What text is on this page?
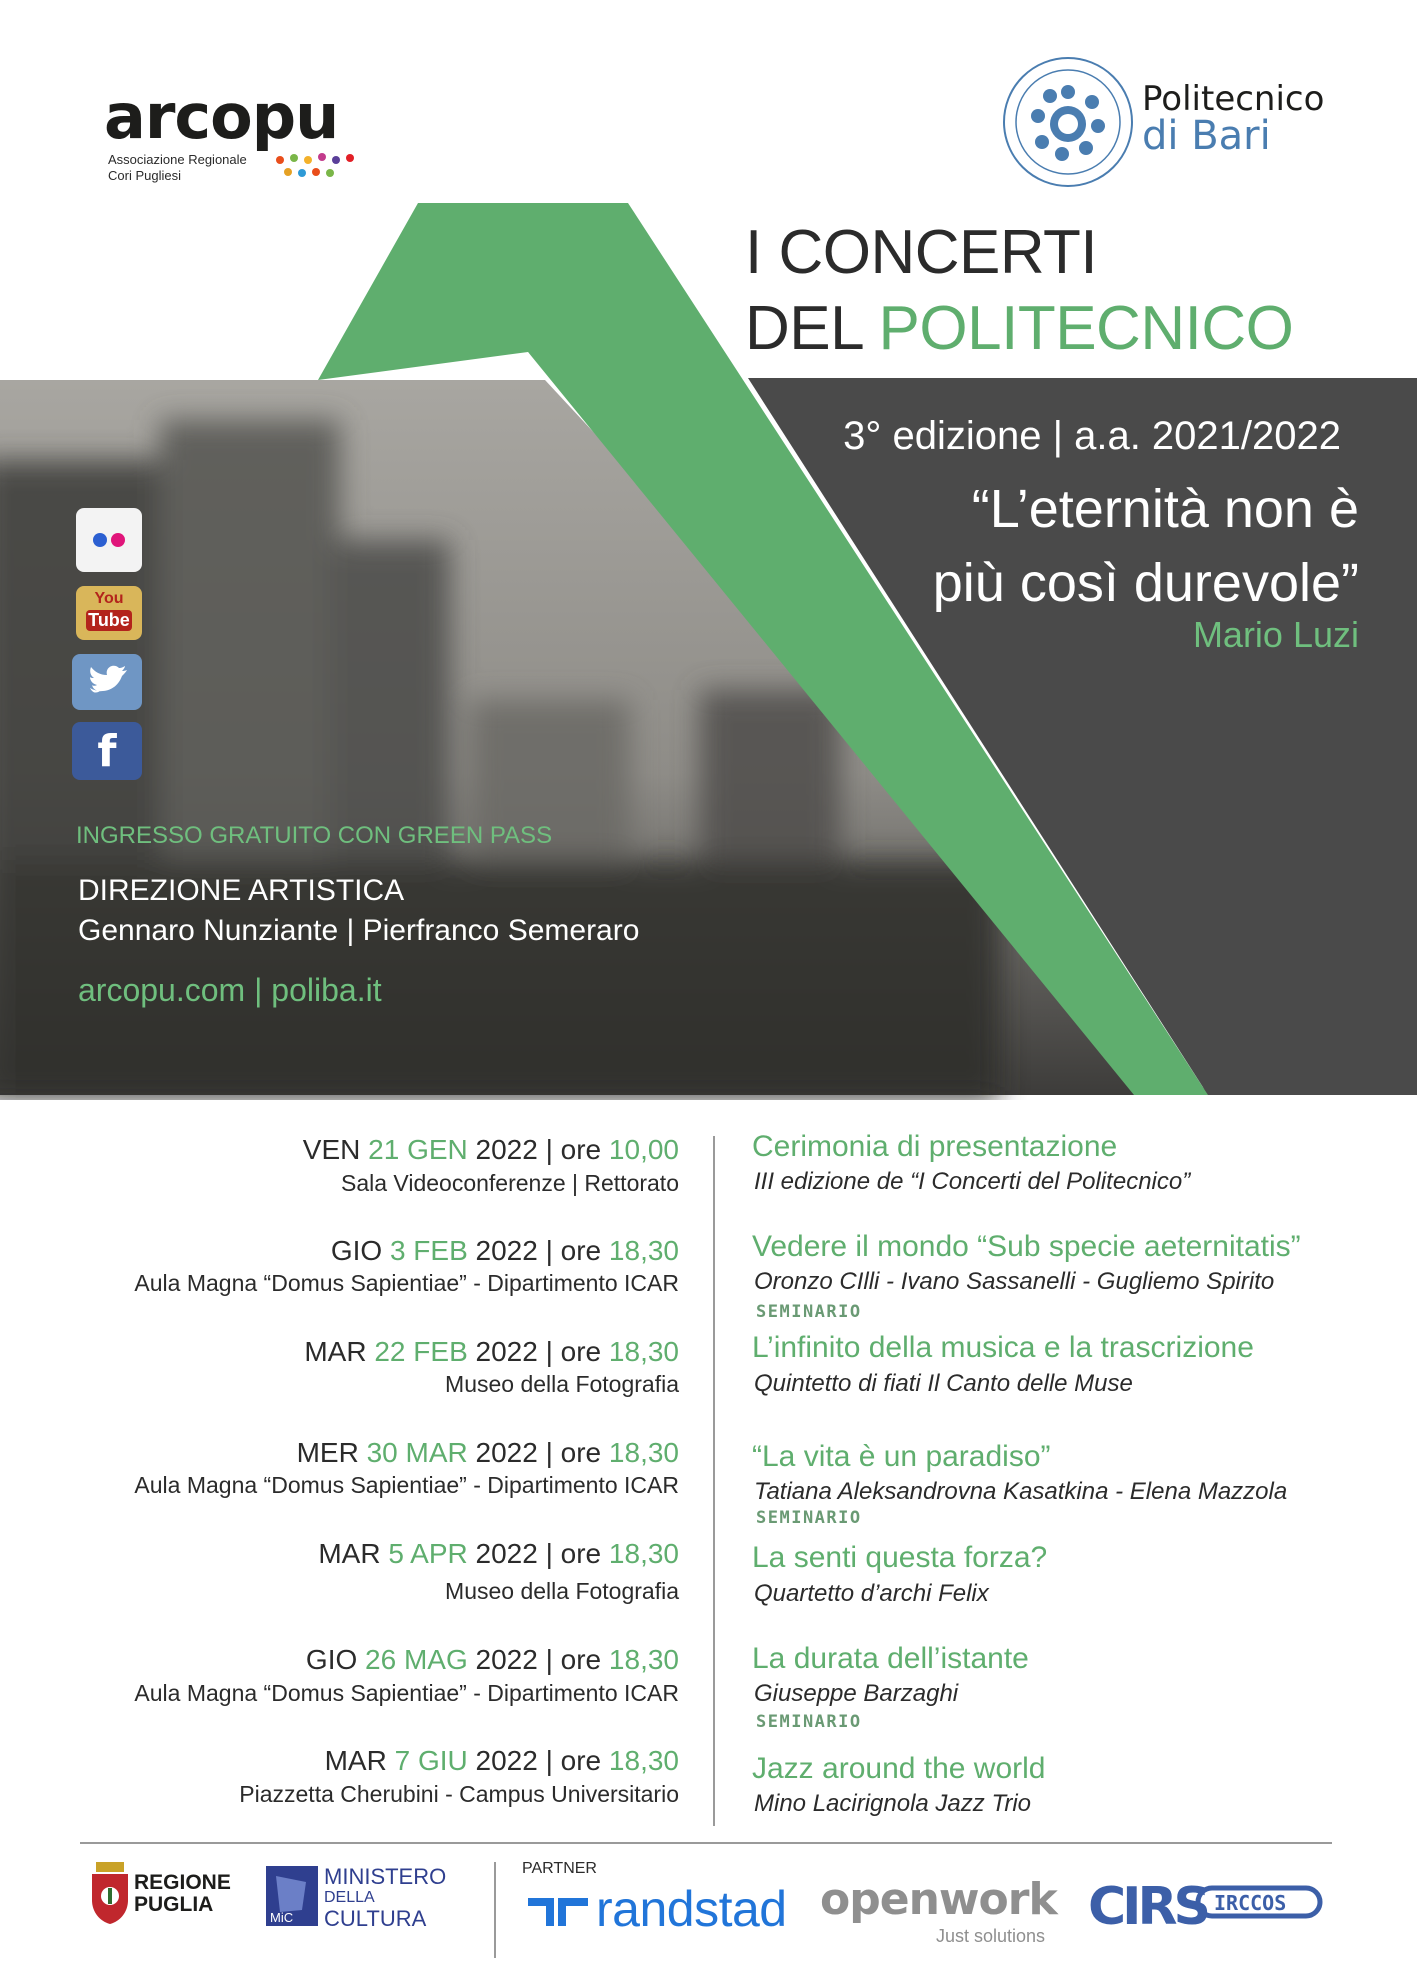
arcopu
Associazione Regionale
Cori Pugliesi
Politecnico
di Bari
I CONCERTI
DEL POLITECNICO
3° edizione | a.a. 2021/2022
“L’eternità non è
più così durevole”
Mario Luzi
You
Tube
f
INGRESSO GRATUITO CON GREEN PASS
DIREZIONE ARTISTICA
Gennaro Nunziante | Pierfranco Semeraro
arcopu.com | poliba.it
VEN 21 GEN 2022 | ore 10,00
Sala Videoconferenze | Rettorato
Cerimonia di presentazione
III edizione de “I Concerti del Politecnico”
GIO 3 FEB 2022 | ore 18,30
Aula Magna “Domus Sapientiae” - Dipartimento ICAR
Vedere il mondo “Sub specie aeternitatis”
Oronzo CIlli - Ivano Sassanelli - Gugliemo Spirito
SEMINARIO
MAR 22 FEB 2022 | ore 18,30
Museo della Fotografia
L’infinito della musica e la trascrizione
Quintetto di fiati Il Canto delle Muse
MER 30 MAR 2022 | ore 18,30
Aula Magna “Domus Sapientiae” - Dipartimento ICAR
“La vita è un paradiso”
Tatiana Aleksandrovna Kasatkina - Elena Mazzola
SEMINARIO
MAR 5 APR 2022 | ore 18,30
Museo della Fotografia
La senti questa forza?
Quartetto d’archi Felix
GIO 26 MAG 2022 | ore 18,30
Aula Magna “Domus Sapientiae” - Dipartimento ICAR
La durata dell’istante
Giuseppe Barzaghi
SEMINARIO
MAR 7 GIU 2022 | ore 18,30
Piazzetta Cherubini - Campus Universitario
Jazz around the world
Mino Lacirignola Jazz Trio
REGIONE
PUGLIA
MiC
MINISTERO
DELLA
CULTURA
PARTNER
randstad openwork
Just solutions CIRS IRCCOS
